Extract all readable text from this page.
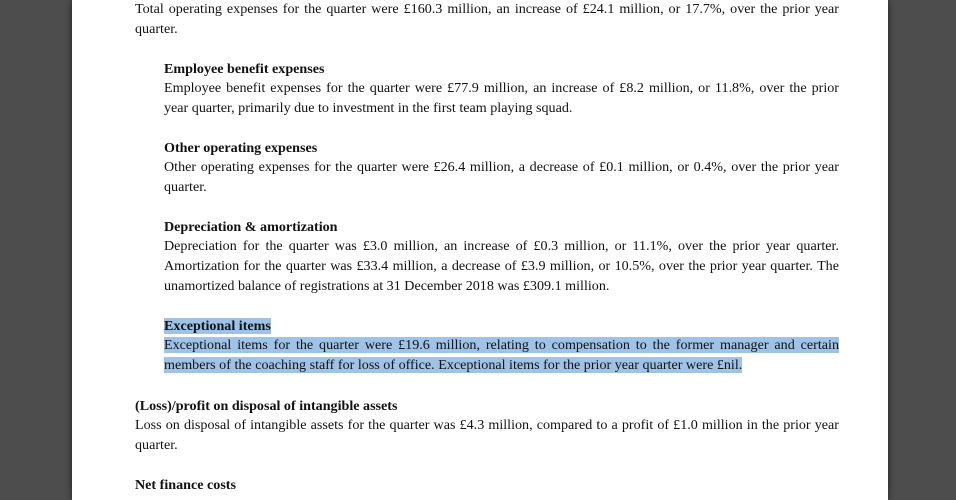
Total operating expenses for the quarter were £160.3 million, an increase of £24.1 million, or 17.7%, over the prior year quarter.

Employee benefit expenses

Employee benefit expenses for the quarter were £77.9 million, an increase of £8.2 million, or 11.8%, over the prior year quarter, primarily due to investment in the first team playing squad.

Other operating expenses

Other operating expenses for the quarter were £26.4 million, a decrease of £0.1 million, or 0.4%, over the prior year quarter.

Depreciation & amortization

Depreciation for the quarter was £3.0 million, an increase of £0.3 million, or 11.1%, over the prior year quarter. Amortization for the quarter was £33.4 million, a decrease of £3.9 million, or 10.5%, over the prior year quarter. The unamortized balance of registrations at 31 December 2018 was £309.1 million.

Exceptional items

Exceptional items for the quarter were £19.6 million, relating to compensation to the former manager and certain members of the coaching staff for loss of office. Exceptional items for the prior year quarter were £nil.

(Loss)/profit on disposal of intangible assets

Loss on disposal of intangible assets for the quarter was £4.3 million, compared to a profit of £1.0 million in the prior year quarter.

Net finance costs
